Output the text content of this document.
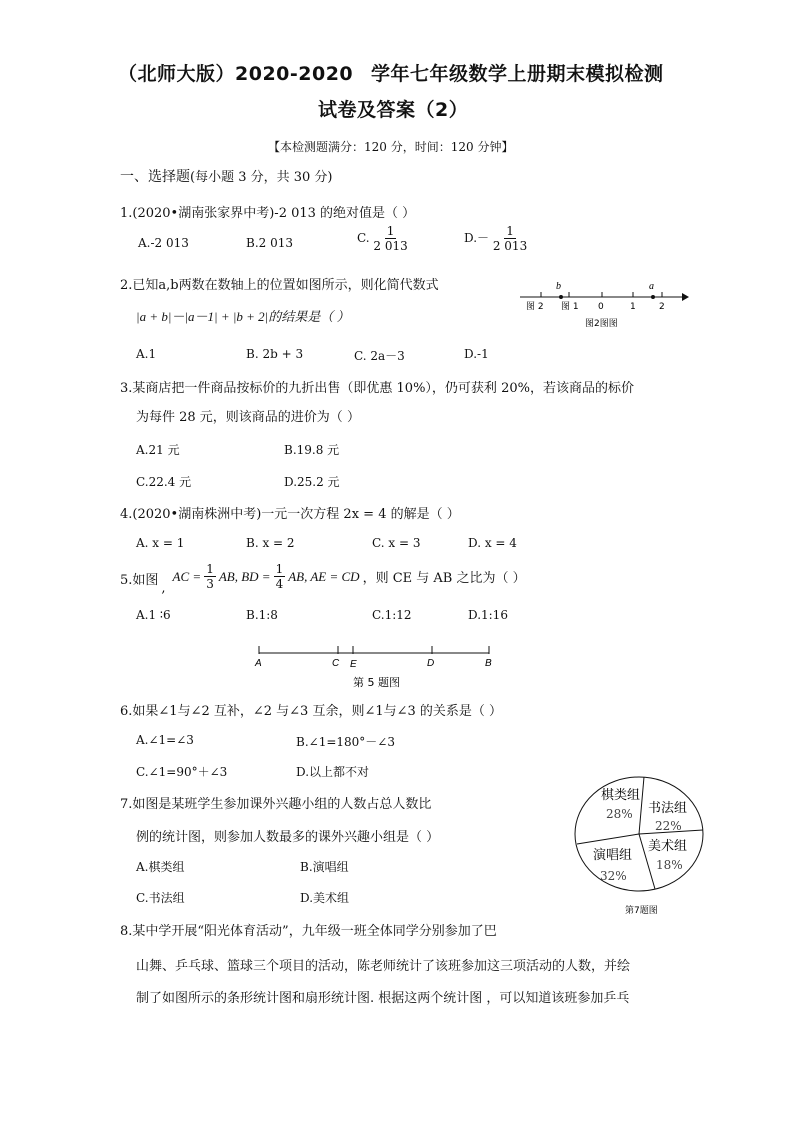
（北师大版）2020-2020 学年七年级数学上册期末模拟检测
试卷及答案（2）
【本检测题满分：120 分，时间：120 分钟】
一、选择题(每小题 3 分，共 30 分)
1.(2020•湖南张家界中考)-2 013 的绝对值是（ ）
A.-2 013	B.2 013	C. $\frac{1}{2 013}$	$D.- \frac{1}{2 013}$
2.已知a,b两数在数轴上的位置如图所示，则化简代数式
|a + b|－|a－1| + |b + 2|的结果是（ ）
A.1	B. 2b + 3	C. 2a－3	D.-1
b	a
图 2 图 1 0	1	2
图2图图
3.某商店把一件商品按标价的九折出售（即优惠 10%），仍可获利 20%，若该商品的标价
为每件 28 元，则该商品的进价为（ ）
A.21 元	B.19.8 元
C.22.4 元	D.25.2 元
4.(2020•湖南株洲中考)一元一次方程 2x = 4 的解是（ ）
A. x = 1	B. x = 2	C. x = 3	D. x = 4
5.如图
,
AC = $\frac{1}{3}$ AB, BD = $\frac{1}{4}$ AB, AE = CD ，则 CE 与 AB 之比为（ ）
A.1 ∶6	B.1:8	C.1:12	D.1:16
A	C E	D	B
第 5 题图
6.如果∠1与∠2 互补，∠2 与∠3 互余，则∠1与∠3 的关系是（ ）
A.∠1=∠3	B.∠1=180°－∠3
C.∠1=90°＋∠3	D.以上都不对
7.如图是某班学生参加课外兴趣小组的人数占总人数比
例的统计图，则参加人数最多的课外兴趣小组是（ ）
A.棋类组	B.演唱组
C.书法组	D.美术组
棋类组
28% 书法组
22%
美术组
18%
演唱组
32%
第7题图
8.某中学开展“阳光体育活动”，九年级一班全体同学分别参加了巴
山舞、乒乓球、篮球三个项目的活动，陈老师统计了该班参加这三项活动的人数，并绘
制了如图所示的条形统计图和扇形统计图. 根据这两个统计图 ，可以知道该班参加乒乓
